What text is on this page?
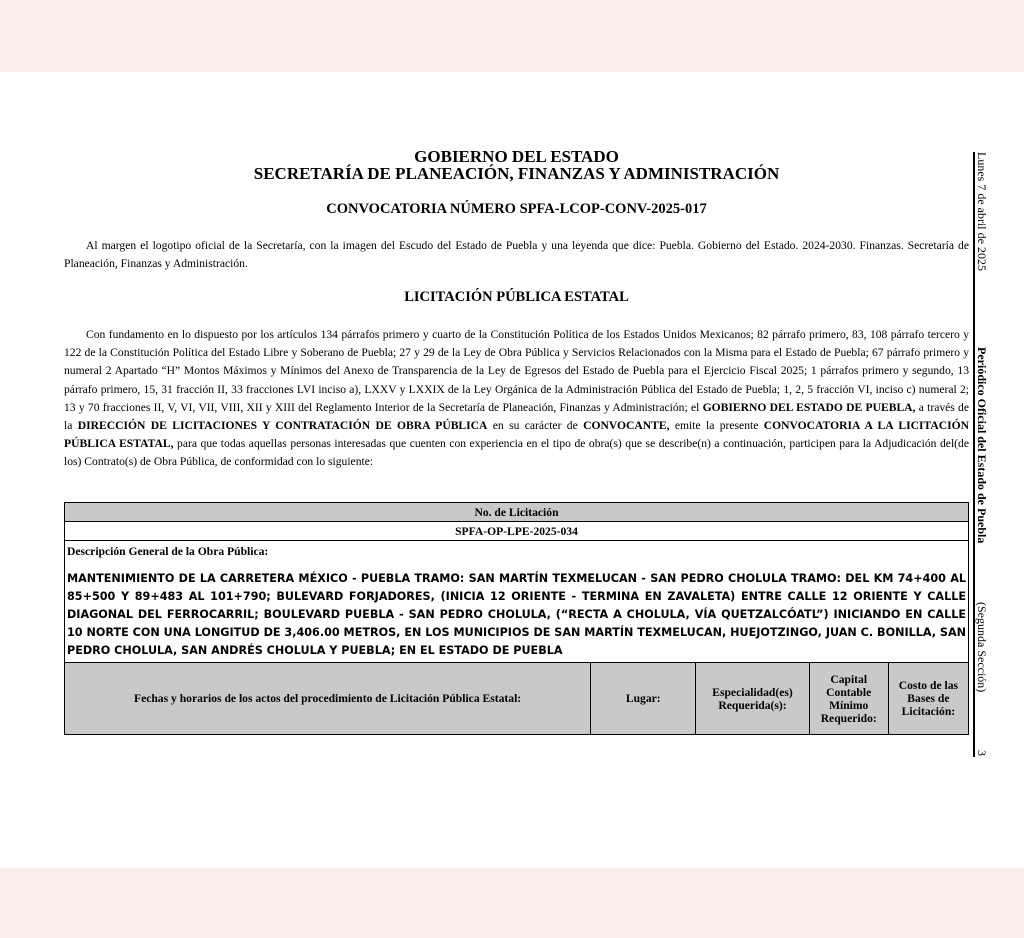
GOBIERNO DEL ESTADO
SECRETARÍA DE PLANEACIÓN, FINANZAS Y ADMINISTRACIÓN
CONVOCATORIA NÚMERO SPFA-LCOP-CONV-2025-017
Al margen el logotipo oficial de la Secretaría, con la imagen del Escudo del Estado de Puebla y una leyenda que dice: Puebla. Gobierno del Estado. 2024-2030. Finanzas. Secretaría de Planeación, Finanzas y Administración.
LICITACIÓN PÚBLICA ESTATAL
Con fundamento en lo dispuesto por los artículos 134 párrafos primero y cuarto de la Constitución Política de los Estados Unidos Mexicanos; 82 párrafo primero, 83, 108 párrafo tercero y 122 de la Constitución Política del Estado Libre y Soberano de Puebla; 27 y 29 de la Ley de Obra Pública y Servicios Relacionados con la Misma para el Estado de Puebla; 67 párrafo primero y numeral 2 Apartado “H” Montos Máximos y Mínimos del Anexo de Transparencia de la Ley de Egresos del Estado de Puebla para el Ejercicio Fiscal 2025; 1 párrafos primero y segundo, 13 párrafo primero, 15, 31 fracción II, 33 fracciones LVI inciso a), LXXV y LXXIX de la Ley Orgánica de la Administración Pública del Estado de Puebla; 1, 2, 5 fracción VI, inciso c) numeral 2; 13 y 70 fracciones II, V, VI, VII, VIII, XII y XIII del Reglamento Interior de la Secretaría de Planeación, Finanzas y Administración; el GOBIERNO DEL ESTADO DE PUEBLA, a través de la DIRECCIÓN DE LICITACIONES Y CONTRATACIÓN DE OBRA PÚBLICA en su carácter de CONVOCANTE, emite la presente CONVOCATORIA A LA LICITACIÓN PÚBLICA ESTATAL, para que todas aquellas personas interesadas que cuenten con experiencia en el tipo de obra(s) que se describe(n) a continuación, participen para la Adjudicación del(de los) Contrato(s) de Obra Pública, de conformidad con lo siguiente:
No. de Licitación
SPFA-OP-LPE-2025-034
Descripción General de la Obra Pública:
MANTENIMIENTO DE LA CARRETERA MÉXICO - PUEBLA TRAMO: SAN MARTÍN TEXMELUCAN - SAN PEDRO CHOLULA TRAMO: DEL KM 74+400 AL 85+500 Y 89+483 AL 101+790; BULEVARD FORJADORES, (INICIA 12 ORIENTE - TERMINA EN ZAVALETA) ENTRE CALLE 12 ORIENTE Y CALLE DIAGONAL DEL FERROCARRIL; BOULEVARD PUEBLA - SAN PEDRO CHOLULA, (“RECTA A CHOLULA, VÍA QUETZALCÓATL”) INICIANDO EN CALLE 10 NORTE CON UNA LONGITUD DE 3,406.00 METROS, EN LOS MUNICIPIOS DE SAN MARTÍN TEXMELUCAN, HUEJOTZINGO, JUAN C. BONILLA, SAN PEDRO CHOLULA, SAN ANDRÉS CHOLULA Y PUEBLA; EN EL ESTADO DE PUEBLA
Fechas y horarios de los actos del procedimiento de Licitación Pública Estatal:	Lugar:	Especialidad(es) Requerida(s):	Capital Contable Mínimo Requerido:	Costo de las Bases de Licitación:
Lunes 7 de abril de 2025
Periódico Oficial del Estado de Puebla
(Segunda Sección)
3
